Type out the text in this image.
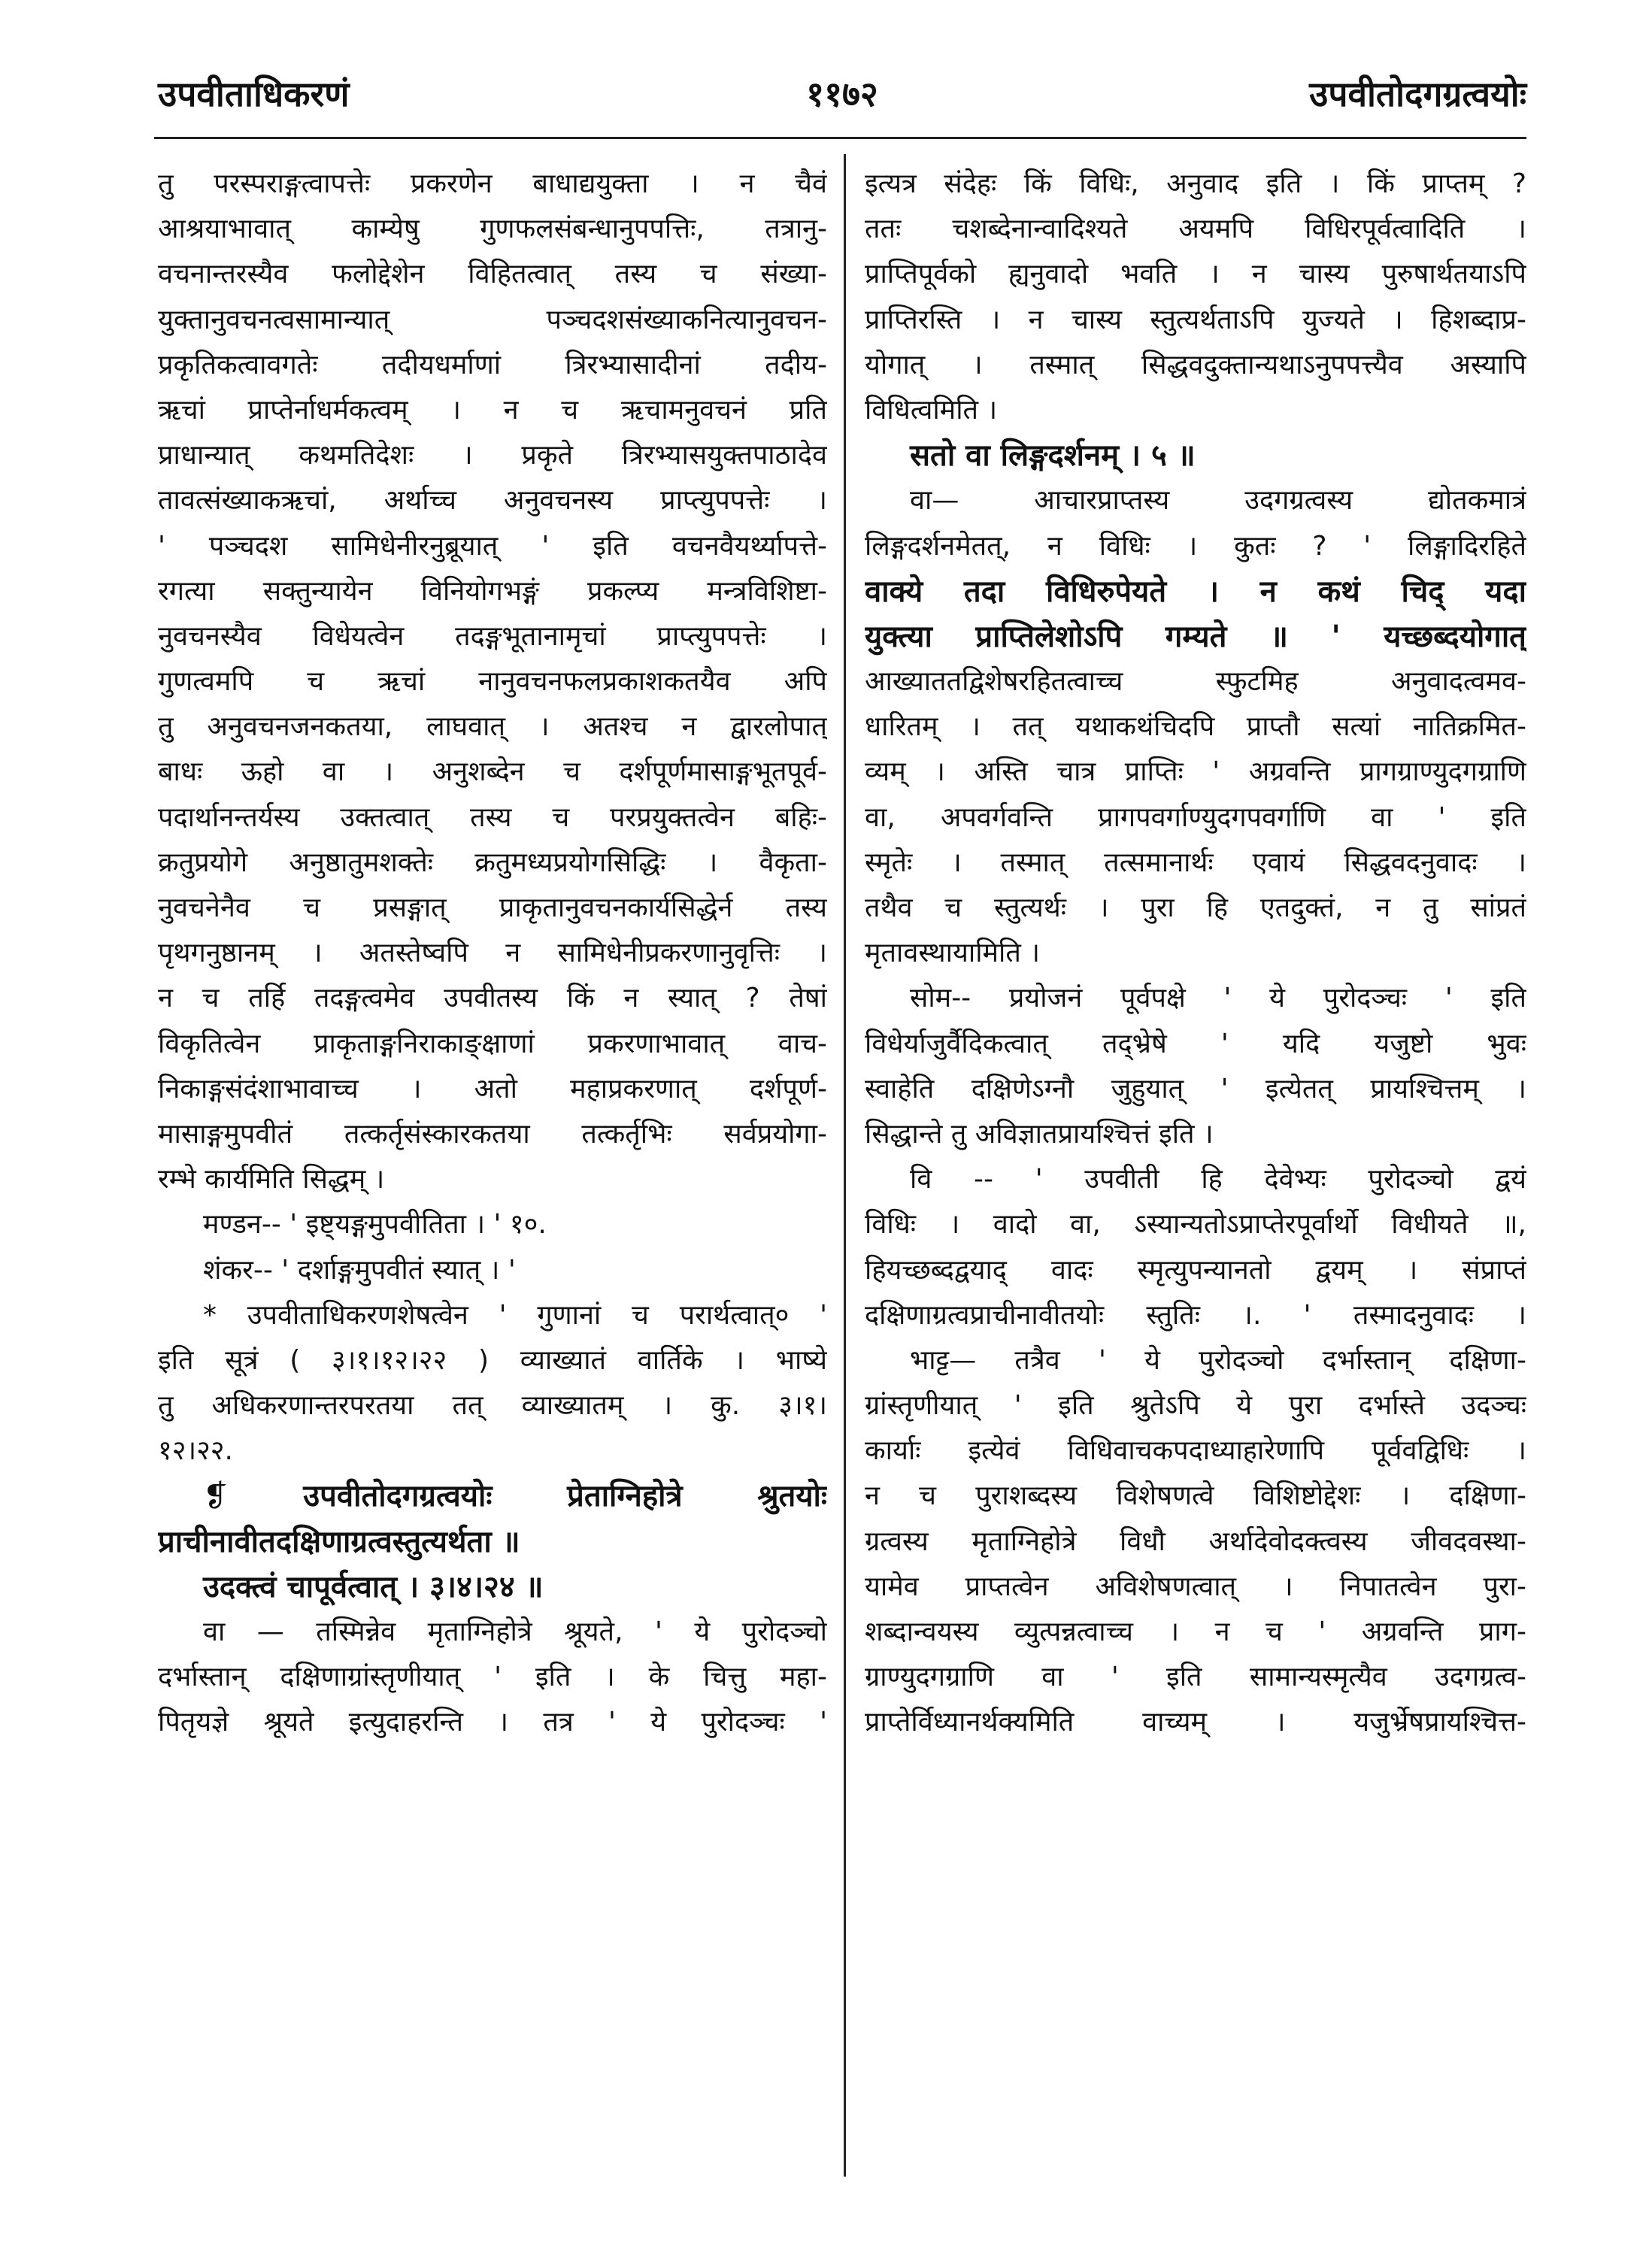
उपवीताधिकरणं	११७२	उपवीतोदगग्रत्वयोः
तु परस्पराङ्गत्वापत्तेः प्रकरणेन बाधाद्ययुक्ता । न चैवं
आश्रयाभावात् काम्येषु गुणफलसंबन्धानुपपत्तिः, तत्रानु-
वचनान्तरस्यैव फलोद्देशेन विहितत्वात् तस्य च संख्या-
युक्तानुवचनत्वसामान्यात् पञ्चदशसंख्याकनित्यानुवचन-
प्रकृतिकत्वावगतेः तदीयधर्माणां त्रिरभ्यासादीनां तदीय-
ऋचां प्राप्तेर्नाधर्मकत्वम् । न च ऋचामनुवचनं प्रति
प्राधान्यात् कथमतिदेशः । प्रकृते त्रिरभ्यासयुक्तपाठादेव
तावत्संख्याकऋचां, अर्थाच्च अनुवचनस्य प्राप्त्युपपत्तेः ।
' पञ्चदश सामिधेनीरनुब्रूयात् ' इति वचनवैयर्थ्यापत्ते-
रगत्या सक्तुन्यायेन विनियोगभङ्गं प्रकल्प्य मन्त्रविशिष्टा-
नुवचनस्यैव विधेयत्वेन तदङ्गभूतानामृचां प्राप्त्युपपत्तेः ।
गुणत्वमपि च ऋचां नानुवचनफलप्रकाशकतयैव अपि
तु अनुवचनजनकतया, लाघवात् । अतश्च न द्वारलोपात्
बाधः ऊहो वा । अनुशब्देन च दर्शपूर्णमासाङ्गभूतपूर्व-
पदार्थानन्तर्यस्य उक्तत्वात् तस्य च परप्रयुक्तत्वेन बहिः-
क्रतुप्रयोगे अनुष्ठातुमशक्तेः क्रतुमध्यप्रयोगसिद्धिः । वैकृता-
नुवचनेनैव च प्रसङ्गात् प्राकृतानुवचनकार्यसिद्धेर्न तस्य
पृथगनुष्ठानम् । अतस्तेष्वपि न सामिधेनीप्रकरणानुवृत्तिः ।
न च तर्हि तदङ्गत्वमेव उपवीतस्य किं न स्यात् ? तेषां
विकृतित्वेन प्राकृताङ्गनिराकाङ्क्षाणां प्रकरणाभावात् वाच-
निकाङ्गसंदंशाभावाच्च । अतो महाप्रकरणात् दर्शपूर्ण-
मासाङ्गमुपवीतं तत्कर्तृसंस्कारकतया तत्कर्तृभिः सर्वप्रयोगा-
रम्भे कार्यमिति सिद्धम् ।
मण्डन-- ' इष्ट्यङ्गमुपवीतिता । ' १०.
शंकर-- ' दर्शाङ्गमुपवीतं स्यात् । '
* उपवीताधिकरणशेषत्वेन ' गुणानां च परार्थत्वात्० '
इति सूत्रं ( ३।१।१२।२२ ) व्याख्यातं वार्तिके । भाष्ये
तु अधिकरणान्तरपरतया तत् व्याख्यातम् । कु. ३।१।
१२।२२.
❡ उपवीतोदगग्रत्वयोः प्रेताग्निहोत्रे श्रुतयोः
प्राचीनावीतदक्षिणाग्रत्वस्तुत्यर्थता ॥
उदक्त्वं चापूर्वत्वात् । ३।४।२४ ॥
वा — तस्मिन्नेव मृताग्निहोत्रे श्रूयते, ' ये पुरोदञ्चो
दर्भास्तान् दक्षिणाग्रांस्तृणीयात् ' इति । के चित्तु महा-
पितृयज्ञे श्रूयते इत्युदाहरन्ति । तत्र ' ये पुरोदञ्चः '
इत्यत्र संदेहः किं विधिः, अनुवाद इति । किं प्राप्तम् ?
ततः चशब्देनान्वादिश्यते अयमपि विधिरपूर्वत्वादिति ।
प्राप्तिपूर्वको ह्यनुवादो भवति । न चास्य पुरुषार्थतयाऽपि
प्राप्तिरस्ति । न चास्य स्तुत्यर्थताऽपि युज्यते । हिशब्दाप्र-
योगात् । तस्मात् सिद्धवदुक्तान्यथाऽनुपपत्त्यैव अस्यापि
विधित्वमिति ।
सतो वा लिङ्गदर्शनम् । ५ ॥
वा— आचारप्राप्तस्य उदगग्रत्वस्य द्योतकमात्रं
लिङ्गदर्शनमेतत्, न विधिः । कुतः ? ' लिङ्गादिरहिते
वाक्ये तदा विधिरुपेयते । न कथं चिद् यदा
युक्त्या प्राप्तिलेशोऽपि गम्यते ॥ ' यच्छब्दयोगात्
आख्याततद्विशेषरहितत्वाच्च स्फुटमिह अनुवादत्वमव-
धारितम् । तत् यथाकथंचिदपि प्राप्तौ सत्यां नातिक्रमित-
व्यम् । अस्ति चात्र प्राप्तिः ' अग्रवन्ति प्रागग्राण्युदगग्राणि
वा, अपवर्गवन्ति प्रागपवर्गाण्युदगपवर्गाणि वा ' इति
स्मृतेः । तस्मात् तत्समानार्थः एवायं सिद्धवदनुवादः ।
तथैव च स्तुत्यर्थः । पुरा हि एतदुक्तं, न तु सांप्रतं
मृतावस्थायामिति ।
सोम-- प्रयोजनं पूर्वपक्षे ' ये पुरोदञ्चः ' इति
विधेर्याजुर्वैदिकत्वात् तद्भ्रेषे ' यदि यजुष्टो भुवः
स्वाहेति दक्षिणेऽग्नौ जुहुयात् ' इत्येतत् प्रायश्चित्तम् ।
सिद्धान्ते तु अविज्ञातप्रायश्चित्तं इति ।
वि -- ' उपवीती हि देवेभ्यः पुरोदञ्चो द्वयं
विधिः । वादो वा, ऽस्यान्यतोऽप्राप्तेरपूर्वार्थो विधीयते ॥,
हियच्छब्दद्वयाद् वादः स्मृत्युपन्यानतो द्वयम् । संप्राप्तं
दक्षिणाग्रत्वप्राचीनावीतयोः स्तुतिः ।. ' तस्मादनुवादः ।
भाट्ट— तत्रैव ' ये पुरोदञ्चो दर्भास्तान् दक्षिणा-
ग्रांस्तृणीयात् ' इति श्रुतेऽपि ये पुरा दर्भास्ते उदञ्चः
कार्याः इत्येवं विधिवाचकपदाध्याहारेणापि पूर्ववद्विधिः ।
न च पुराशब्दस्य विशेषणत्वे विशिष्टोद्देशः । दक्षिणा-
ग्रत्वस्य मृताग्निहोत्रे विधौ अर्थादेवोदक्त्वस्य जीवदवस्था-
यामेव प्राप्तत्वेन अविशेषणत्वात् । निपातत्वेन पुरा-
शब्दान्वयस्य व्युत्पन्नत्वाच्च । न च ' अग्रवन्ति प्राग-
ग्राण्युदगग्राणि वा ' इति सामान्यस्मृत्यैव उदगग्रत्व-
प्राप्तेर्विध्यानर्थक्यमिति वाच्यम् । यजुर्भ्रेषप्रायश्चित्त-
